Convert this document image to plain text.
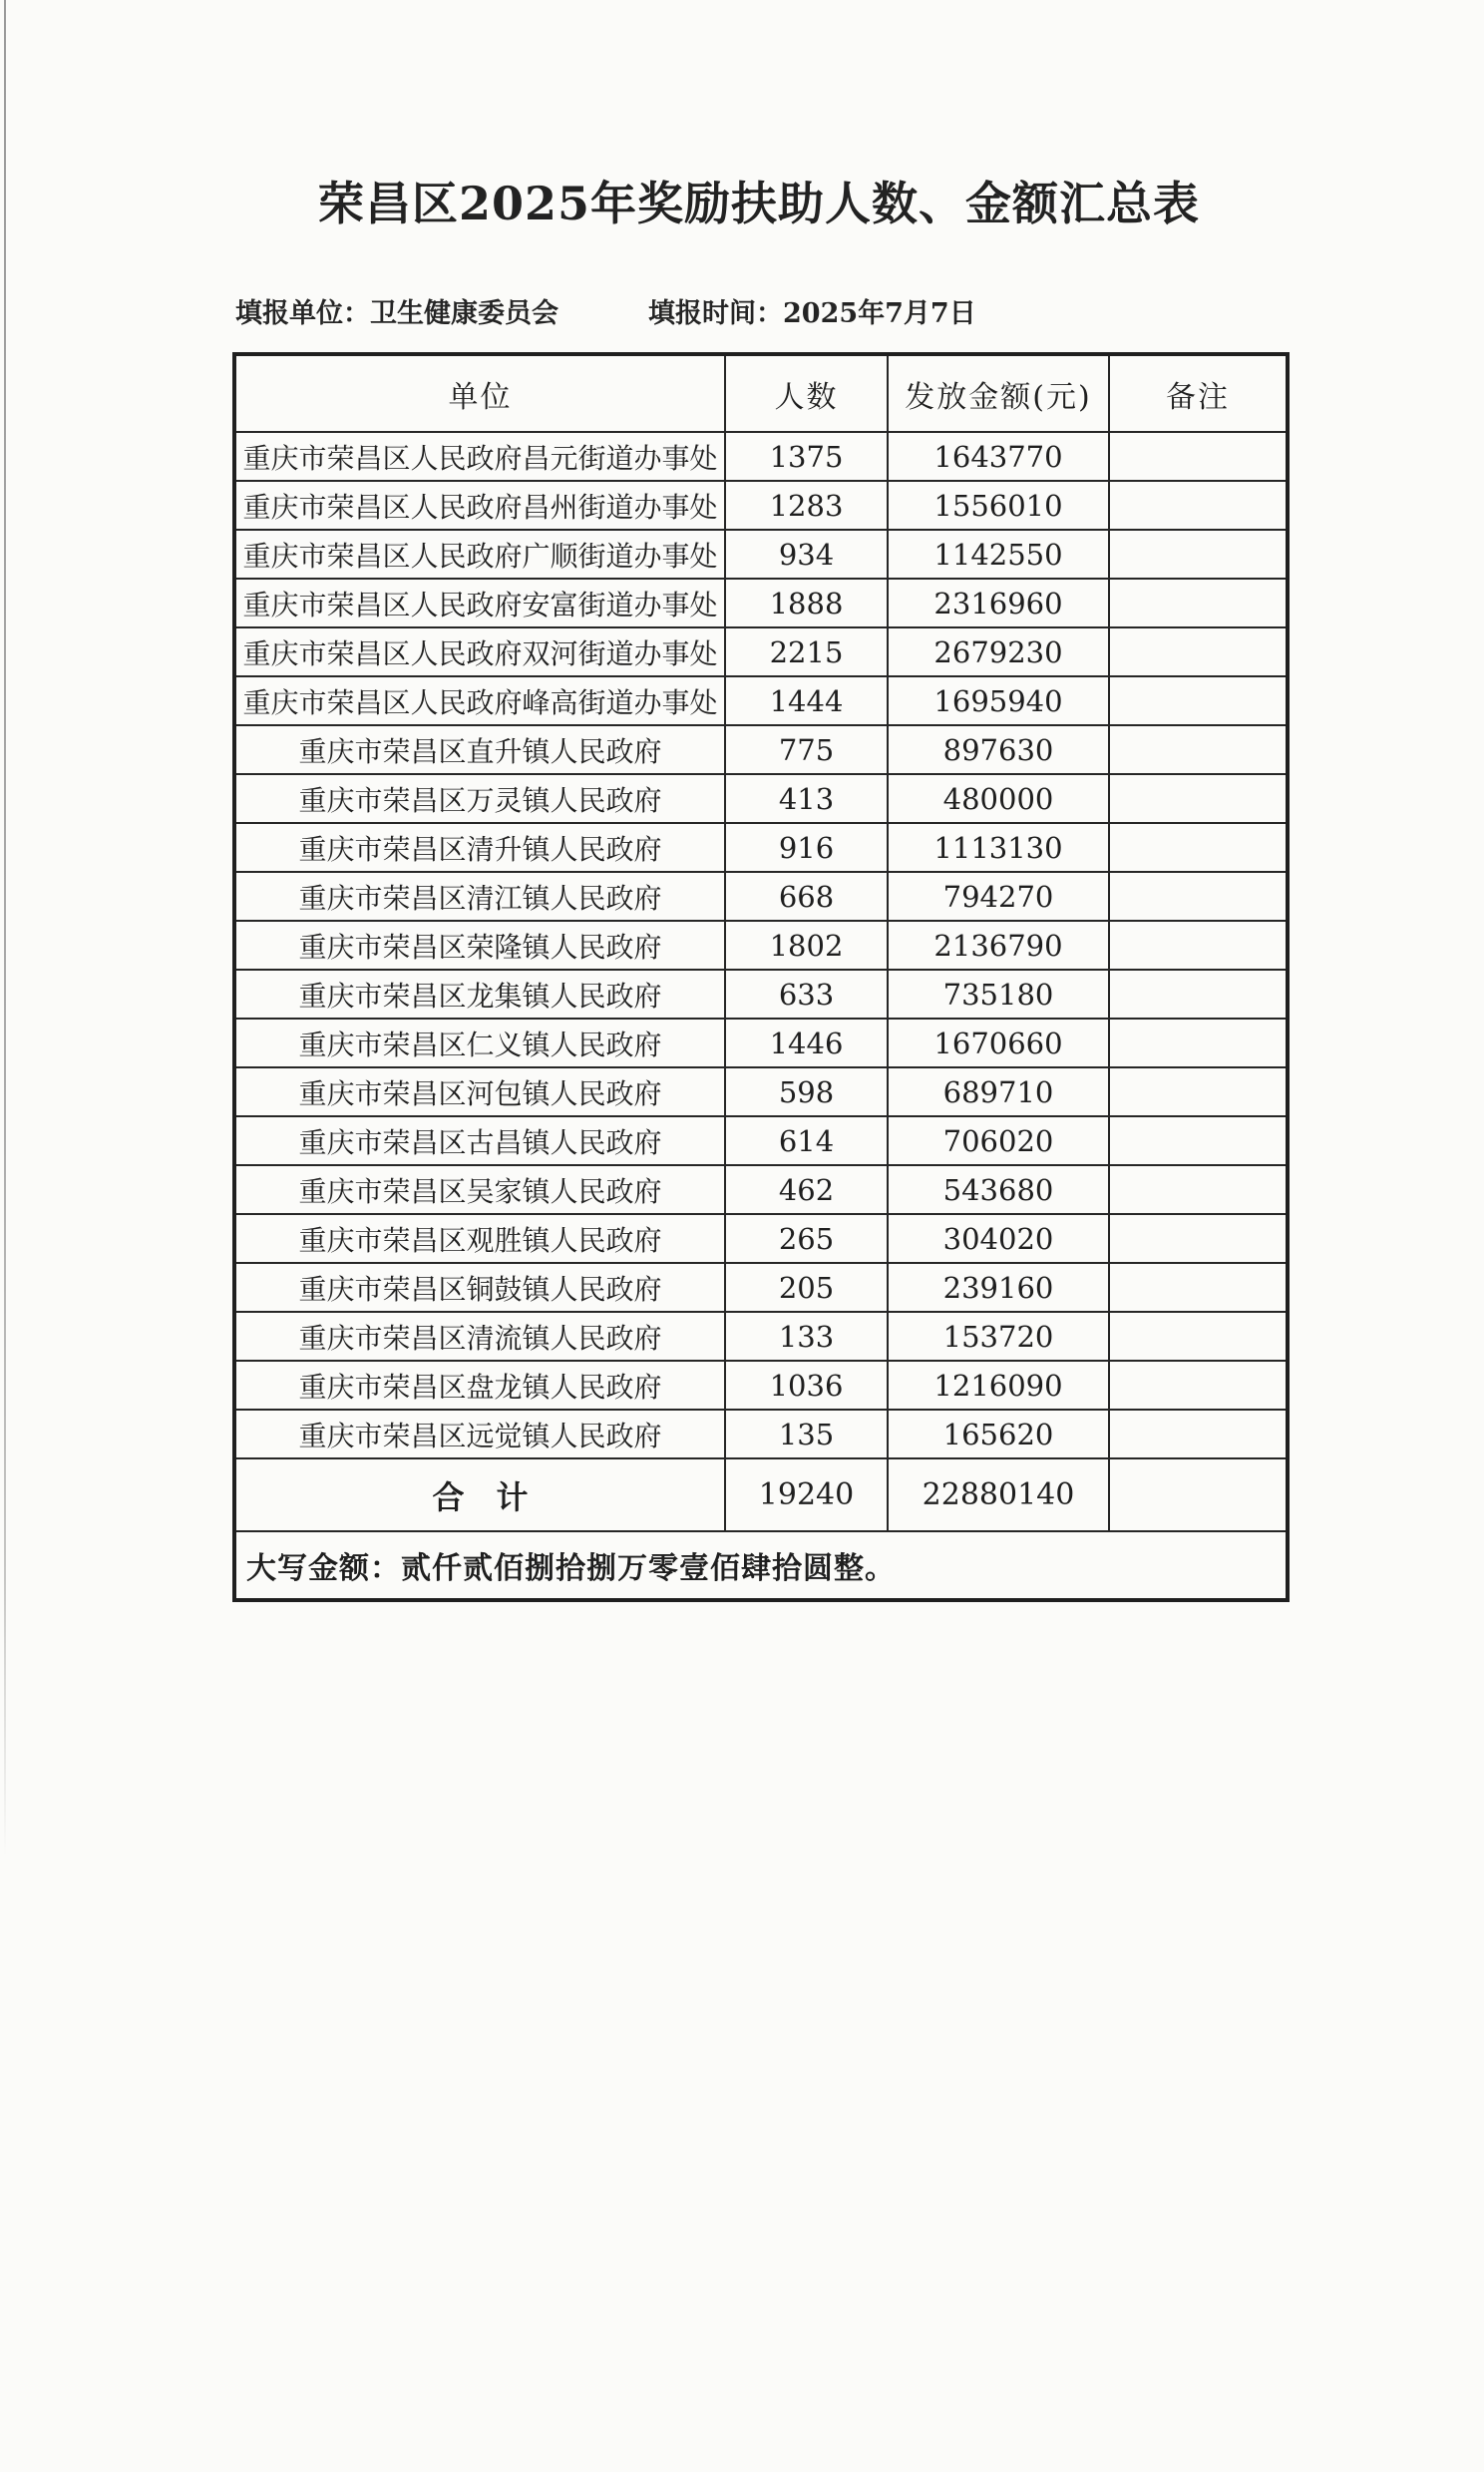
荣昌区2025年奖励扶助人数、金额汇总表
填报单位：卫生健康委员会	填报时间：2025年7月7日
单位	人数	发放金额(元)	备注
重庆市荣昌区人民政府昌元街道办事处	1375	1643770	
重庆市荣昌区人民政府昌州街道办事处	1283	1556010	
重庆市荣昌区人民政府广顺街道办事处	934	1142550	
重庆市荣昌区人民政府安富街道办事处	1888	2316960	
重庆市荣昌区人民政府双河街道办事处	2215	2679230	
重庆市荣昌区人民政府峰高街道办事处	1444	1695940	
重庆市荣昌区直升镇人民政府	775	897630	
重庆市荣昌区万灵镇人民政府	413	480000	
重庆市荣昌区清升镇人民政府	916	1113130	
重庆市荣昌区清江镇人民政府	668	794270	
重庆市荣昌区荣隆镇人民政府	1802	2136790	
重庆市荣昌区龙集镇人民政府	633	735180	
重庆市荣昌区仁义镇人民政府	1446	1670660	
重庆市荣昌区河包镇人民政府	598	689710	
重庆市荣昌区古昌镇人民政府	614	706020	
重庆市荣昌区吴家镇人民政府	462	543680	
重庆市荣昌区观胜镇人民政府	265	304020	
重庆市荣昌区铜鼓镇人民政府	205	239160	
重庆市荣昌区清流镇人民政府	133	153720	
重庆市荣昌区盘龙镇人民政府	1036	1216090	
重庆市荣昌区远觉镇人民政府	135	165620	
合　计	19240	22880140	
大写金额：贰仟贰佰捌拾捌万零壹佰肆拾圆整。			
